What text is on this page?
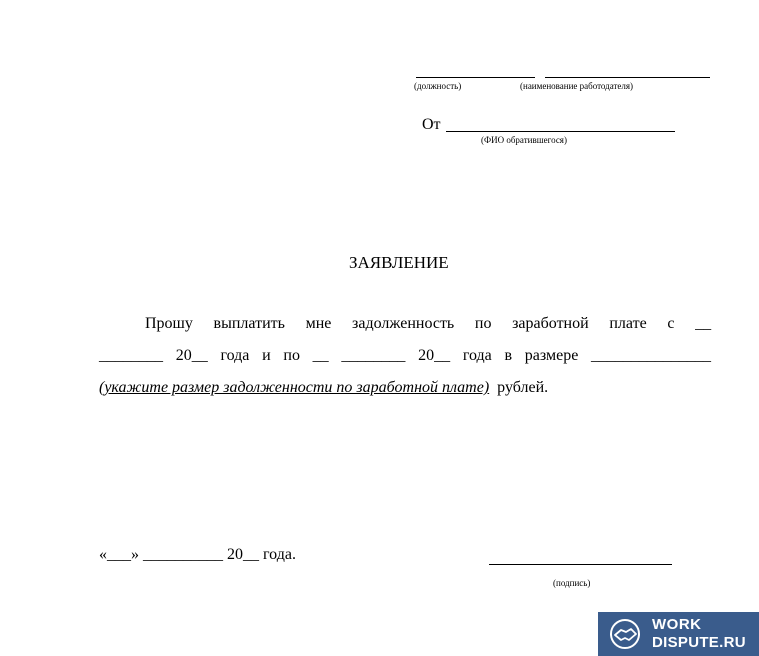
(должность)	(наименование работодателя)
От
(ФИО обратившегося)
ЗАЯВЛЕНИЕ
Прошу выплатить мне задолженность по заработной плате с __
________ 20__ года и по __ ________ 20__ года в размере _______________
(укажите размер задолженности по заработной плате) рублей.
«___» __________ 20__ года.
(подпись)
WORK
DISPUTE.RU
